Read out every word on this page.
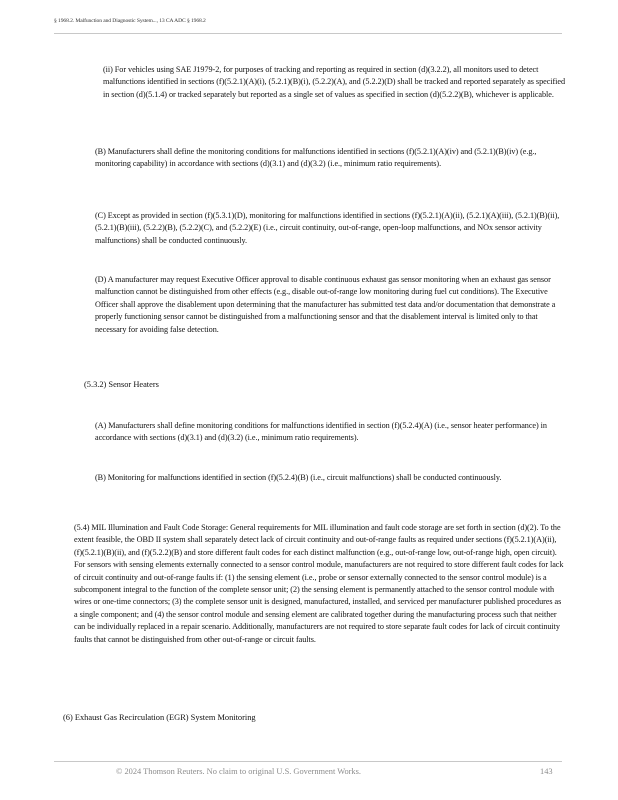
§ 1968.2. Malfunction and Diagnostic System..., 13 CA ADC § 1968.2

(ii) For vehicles using SAE J1979-2, for purposes of tracking and reporting as required in section (d)(3.2.2), all monitors used to detect malfunctions identified in sections (f)(5.2.1)(A)(i), (5.2.1)(B)(i), (5.2.2)(A), and (5.2.2)(D) shall be tracked and reported separately as specified in section (d)(5.1.4) or tracked separately but reported as a single set of values as specified in section (d)(5.2.2)(B), whichever is applicable.

(B) Manufacturers shall define the monitoring conditions for malfunctions identified in sections (f)(5.2.1)(A)(iv) and (5.2.1)(B)(iv) (e.g., monitoring capability) in accordance with sections (d)(3.1) and (d)(3.2) (i.e., minimum ratio requirements).

(C) Except as provided in section (f)(5.3.1)(D), monitoring for malfunctions identified in sections (f)(5.2.1)(A)(ii), (5.2.1)(A)(iii), (5.2.1)(B)(ii), (5.2.1)(B)(iii), (5.2.2)(B), (5.2.2)(C), and (5.2.2)(E) (i.e., circuit continuity, out-of-range, open-loop malfunctions, and NOx sensor activity malfunctions) shall be conducted continuously.

(D) A manufacturer may request Executive Officer approval to disable continuous exhaust gas sensor monitoring when an exhaust gas sensor malfunction cannot be distinguished from other effects (e.g., disable out-of-range low monitoring during fuel cut conditions). The Executive Officer shall approve the disablement upon determining that the manufacturer has submitted test data and/or documentation that demonstrate a properly functioning sensor cannot be distinguished from a malfunctioning sensor and that the disablement interval is limited only to that necessary for avoiding false detection.

(5.3.2) Sensor Heaters

(A) Manufacturers shall define monitoring conditions for malfunctions identified in section (f)(5.2.4)(A) (i.e., sensor heater performance) in accordance with sections (d)(3.1) and (d)(3.2) (i.e., minimum ratio requirements).

(B) Monitoring for malfunctions identified in section (f)(5.2.4)(B) (i.e., circuit malfunctions) shall be conducted continuously.

(5.4) MIL Illumination and Fault Code Storage: General requirements for MIL illumination and fault code storage are set forth in section (d)(2). To the extent feasible, the OBD II system shall separately detect lack of circuit continuity and out-of-range faults as required under sections (f)(5.2.1)(A)(ii), (f)(5.2.1)(B)(ii), and (f)(5.2.2)(B) and store different fault codes for each distinct malfunction (e.g., out-of-range low, out-of-range high, open circuit). For sensors with sensing elements externally connected to a sensor control module, manufacturers are not required to store different fault codes for lack of circuit continuity and out-of-range faults if: (1) the sensing element (i.e., probe or sensor externally connected to the sensor control module) is a subcomponent integral to the function of the complete sensor unit; (2) the sensing element is permanently attached to the sensor control module with wires or one-time connectors; (3) the complete sensor unit is designed, manufactured, installed, and serviced per manufacturer published procedures as a single component; and (4) the sensor control module and sensing element are calibrated together during the manufacturing process such that neither can be individually replaced in a repair scenario. Additionally, manufacturers are not required to store separate fault codes for lack of circuit continuity faults that cannot be distinguished from other out-of-range or circuit faults.

(6) Exhaust Gas Recirculation (EGR) System Monitoring

© 2024 Thomson Reuters. No claim to original U.S. Government Works.	143
